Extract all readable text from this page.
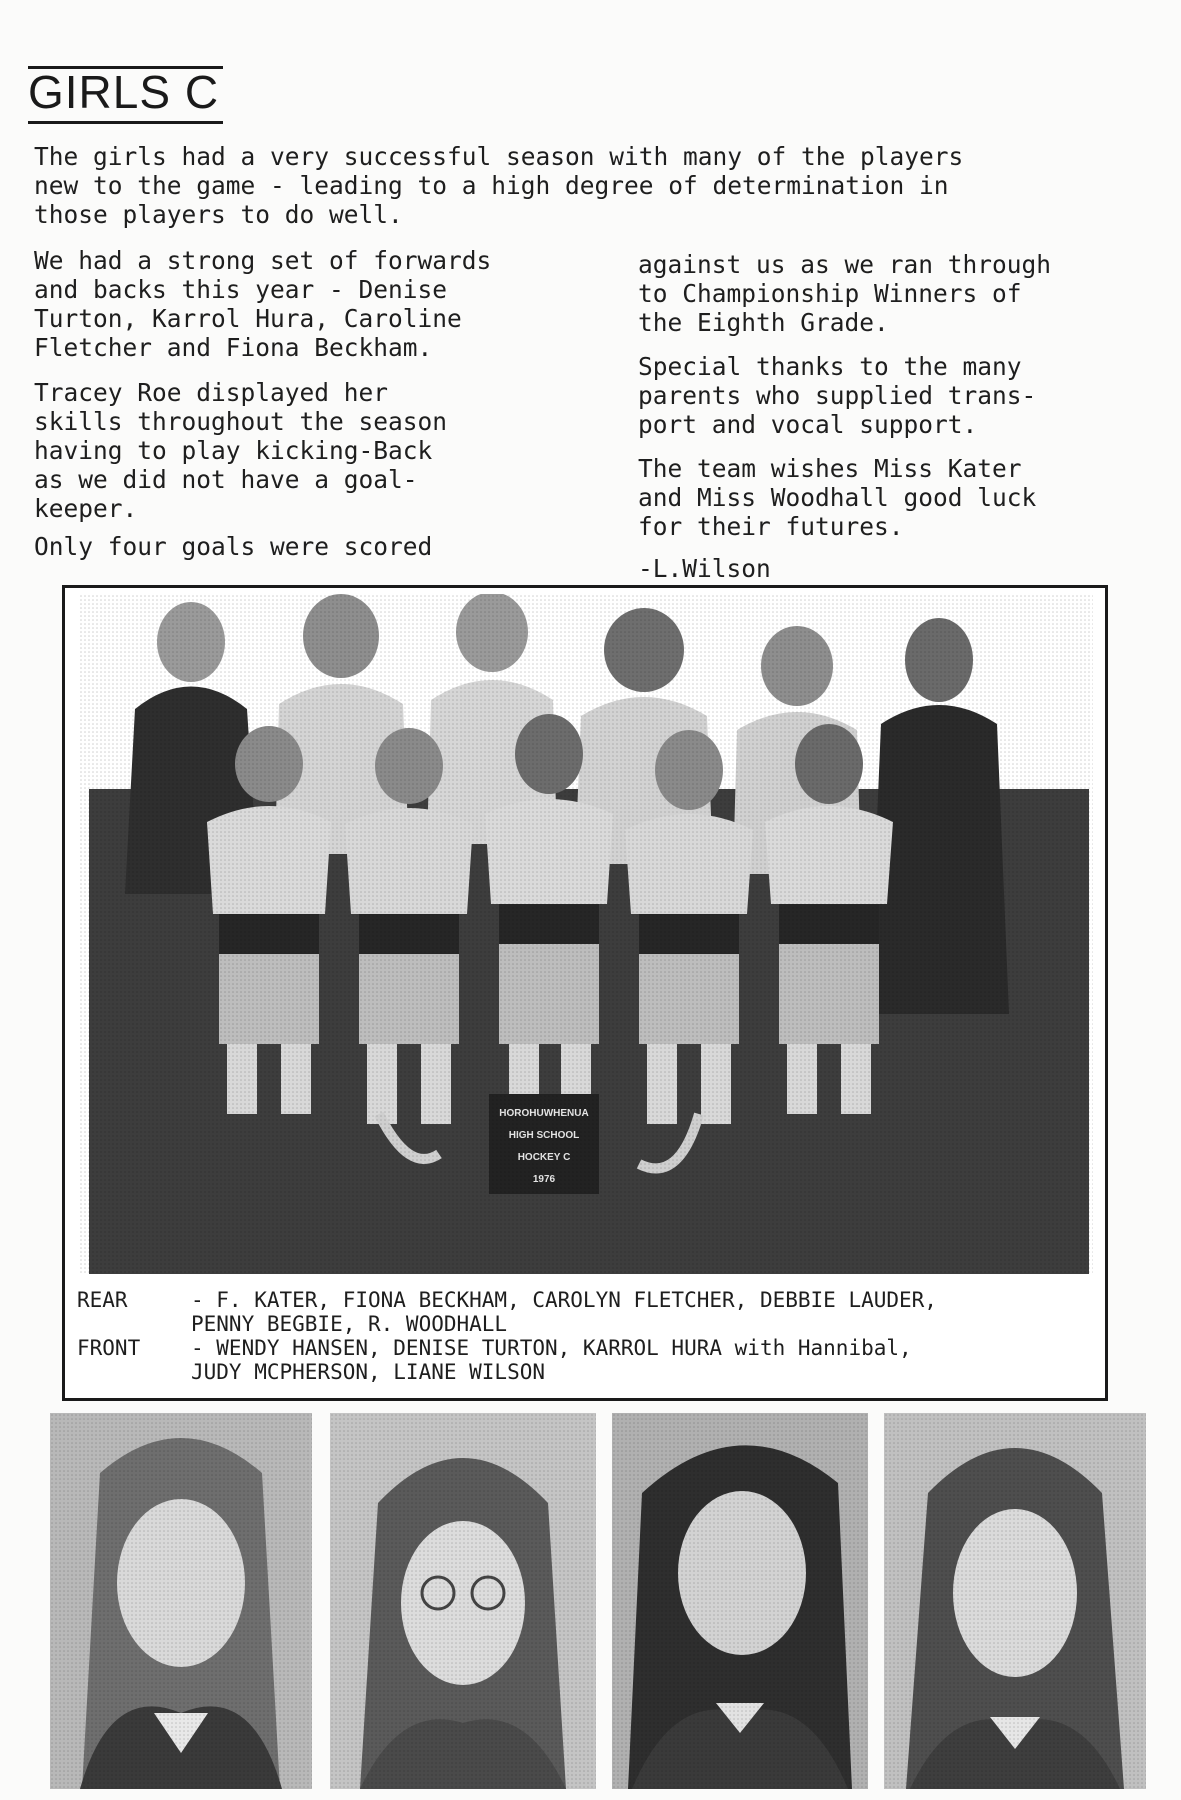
GIRLS C
The girls had a very successful season with many of the players
new to the game - leading to a high degree of determination in
those players to do well.
We had a strong set of forwards
and backs this year - Denise
Turton, Karrol Hura, Caroline
Fletcher and Fiona Beckham.
Tracey Roe displayed her
skills throughout the season
having to play kicking-Back
as we did not have a goal-
keeper.
Only four goals were scored
against us as we ran through
to Championship Winners of
the Eighth Grade.
Special thanks to the many
parents who supplied trans-
port and vocal support.
The team wishes Miss Kater
and Miss Woodhall good luck
for their futures.
-L.Wilson
REAR	- F. KATER, FIONA BECKHAM, CAROLYN FLETCHER, DEBBIE LAUDER,
PENNY BEGBIE, R. WOODHALL
FRONT	- WENDY HANSEN, DENISE TURTON, KARROL HURA with Hannibal,
JUDY MCPHERSON, LIANE WILSON
